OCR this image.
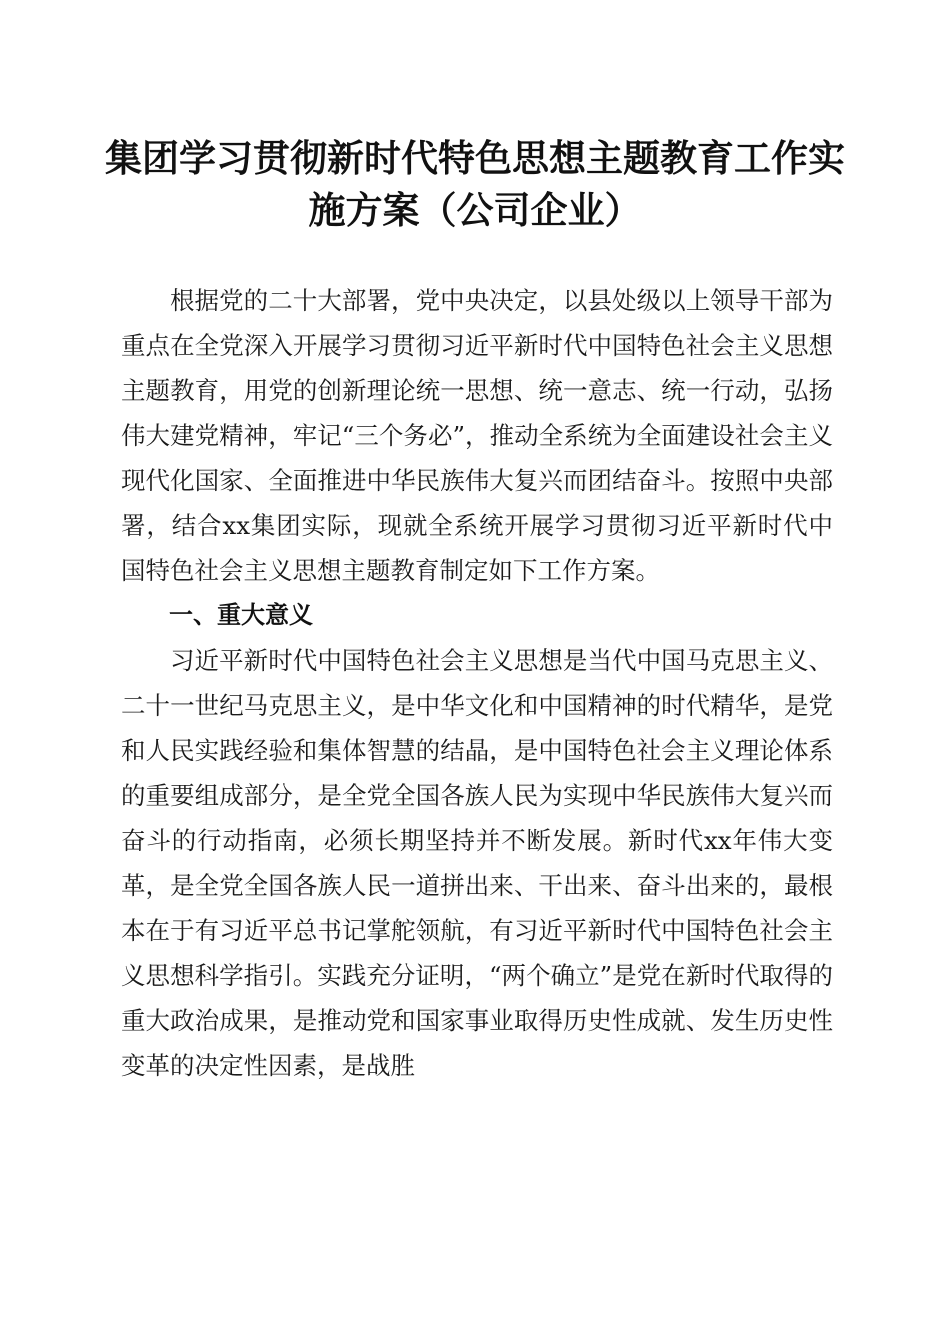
集团学习贯彻新时代特色思想主题教育工作实施方案（公司企业）

根据党的二十大部署，党中央决定，以县处级以上领导干部为重点在全党深入开展学习贯彻习近平新时代中国特色社会主义思想主题教育，用党的创新理论统一思想、统一意志、统一行动，弘扬伟大建党精神，牢记“三个务必”，推动全系统为全面建设社会主义现代化国家、全面推进中华民族伟大复兴而团结奋斗。按照中央部署，结合xx集团实际，现就全系统开展学习贯彻习近平新时代中国特色社会主义思想主题教育制定如下工作方案。

一、重大意义

习近平新时代中国特色社会主义思想是当代中国马克思主义、二十一世纪马克思主义，是中华文化和中国精神的时代精华，是党和人民实践经验和集体智慧的结晶，是中国特色社会主义理论体系的重要组成部分，是全党全国各族人民为实现中华民族伟大复兴而奋斗的行动指南，必须长期坚持并不断发展。新时代xx年伟大变革，是全党全国各族人民一道拼出来、干出来、奋斗出来的，最根本在于有习近平总书记掌舵领航，有习近平新时代中国特色社会主义思想科学指引。实践充分证明，“两个确立”是党在新时代取得的重大政治成果，是推动党和国家事业取得历史性成就、发生历史性变革的决定性因素，是战胜
